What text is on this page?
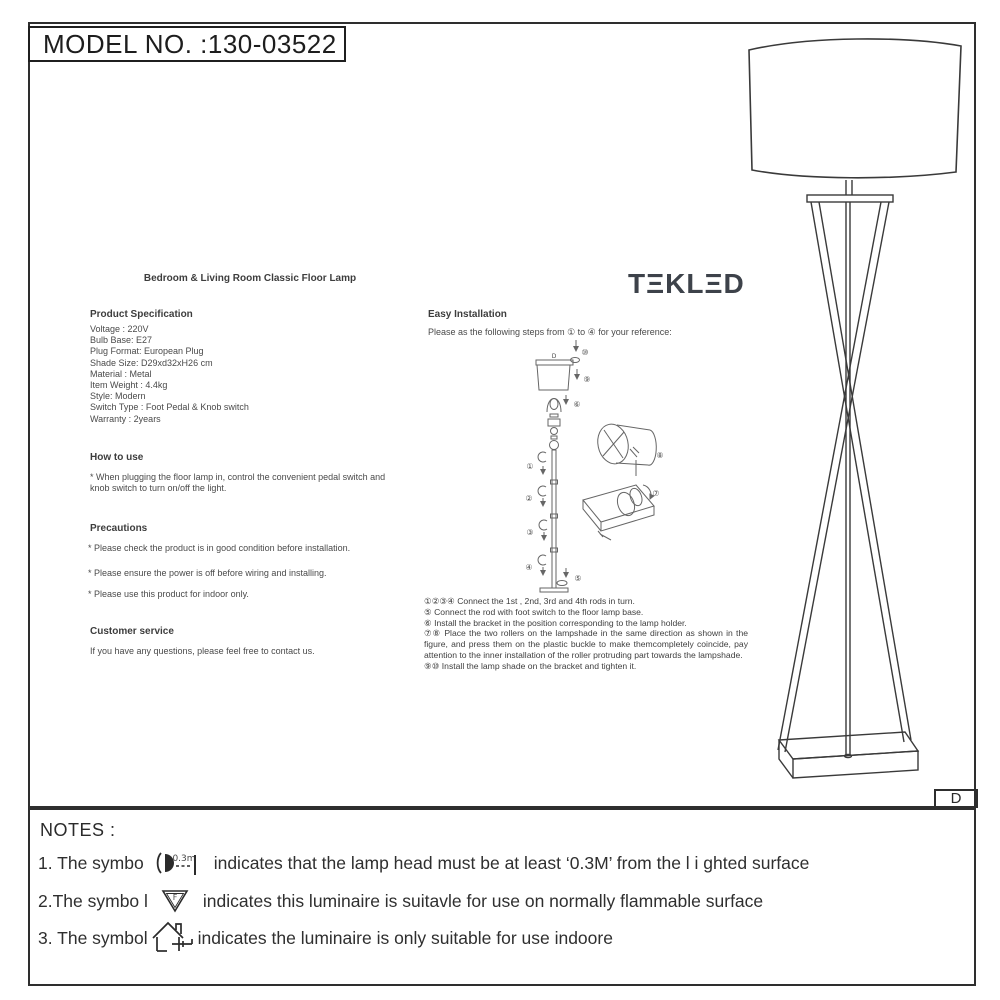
MODEL NO. :130-03522
Bedroom & Living Room Classic Floor Lamp
Product Specification
Voltage : 220V
Bulb Base: E27
Plug Format: European Plug
Shade Size: D29xd32xH26 cm
Material : Metal
Item Weight : 4.4kg
Style: Modern
Switch Type : Foot Pedal & Knob switch
Warranty : 2years
How to use
* When plugging the floor lamp in, control the convenient pedal switch and knob switch to turn on/off the light.
Precautions
* Please check the product is in good condition before installation.
* Please ensure the power is off before wiring and installing.
* Please use this product for indoor only.
Customer service
If you have any questions, please feel free to contact us.
TΞKLΞD
Easy Installation
Please as the following steps from ① to ④ for your reference:
D	⑩
⑨
⑥
①
②
③
④
⑤
⑧
⑦

①②③④ Connect the 1st , 2nd, 3rd and 4th rods in turn.

⑤ Connect the rod with foot switch to the floor lamp base.

⑥ Install the bracket in the position corresponding to the lamp holder.

⑦⑧ Place the two rollers on the lampshade in the same direction as shown in the figure, and press them on the plastic buckle to make themcompletely coincide, pay attention to the inner installation of the roller protruding part towards the lampshade.

⑨⑩ Install the lamp shade on the bracket and tighten it.

D
NOTES :
1. The symbo	0.3m indicates that the lamp head must be at least ‘0.3M’ from the l i ghted surface
2.The symbo l	F indicates this luminaire is suitavle for use on normally flammable surface
3. The symbol	indicates the luminaire is only suitable for use indoore
